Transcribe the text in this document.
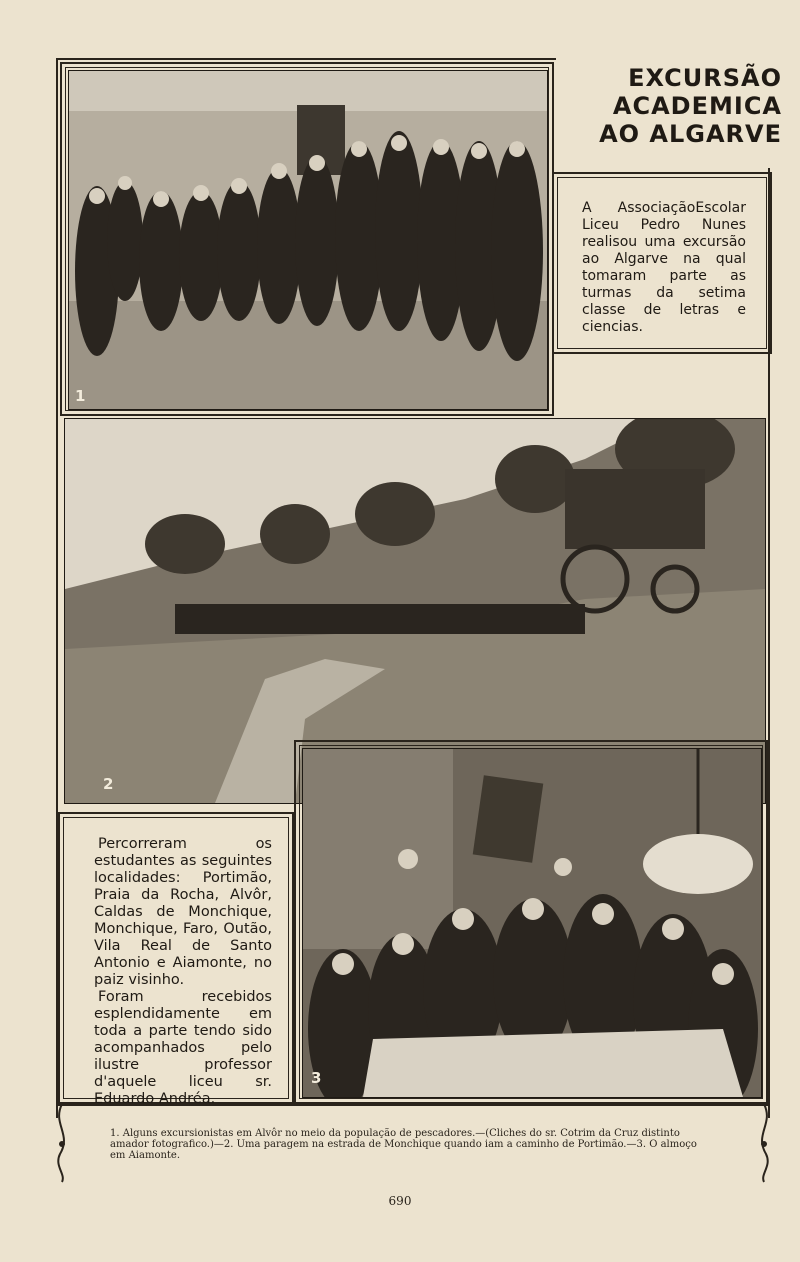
EXCURSÃO
ACADEMICA
AO ALGARVE
1
A AssociaçãoEscolar Liceu Pedro Nunes realisou uma excursão ao Algarve na qual tomaram parte as turmas da setima classe de letras e ciencias.
2
3

Percorreram os estudantes as seguintes localidades: Portimão, Praia da Rocha, Alvôr, Caldas de Monchique, Monchique, Faro, Outão, Vila Real de Santo Antonio e Aiamonte, no paiz visinho.

Foram recebidos esplendidamente em toda a parte tendo sido acompanhados pelo ilustre professor d'aquele liceu sr. Eduardo Andréa.

1. Alguns excursionistas em Alvôr no meio da população de pescadores.—(Cliches do sr. Cotrim da Cruz distinto amador fotografico.)—2. Uma paragem na estrada de Monchique quando iam a caminho de Portimão.—3. O almoço em Aiamonte.
690
